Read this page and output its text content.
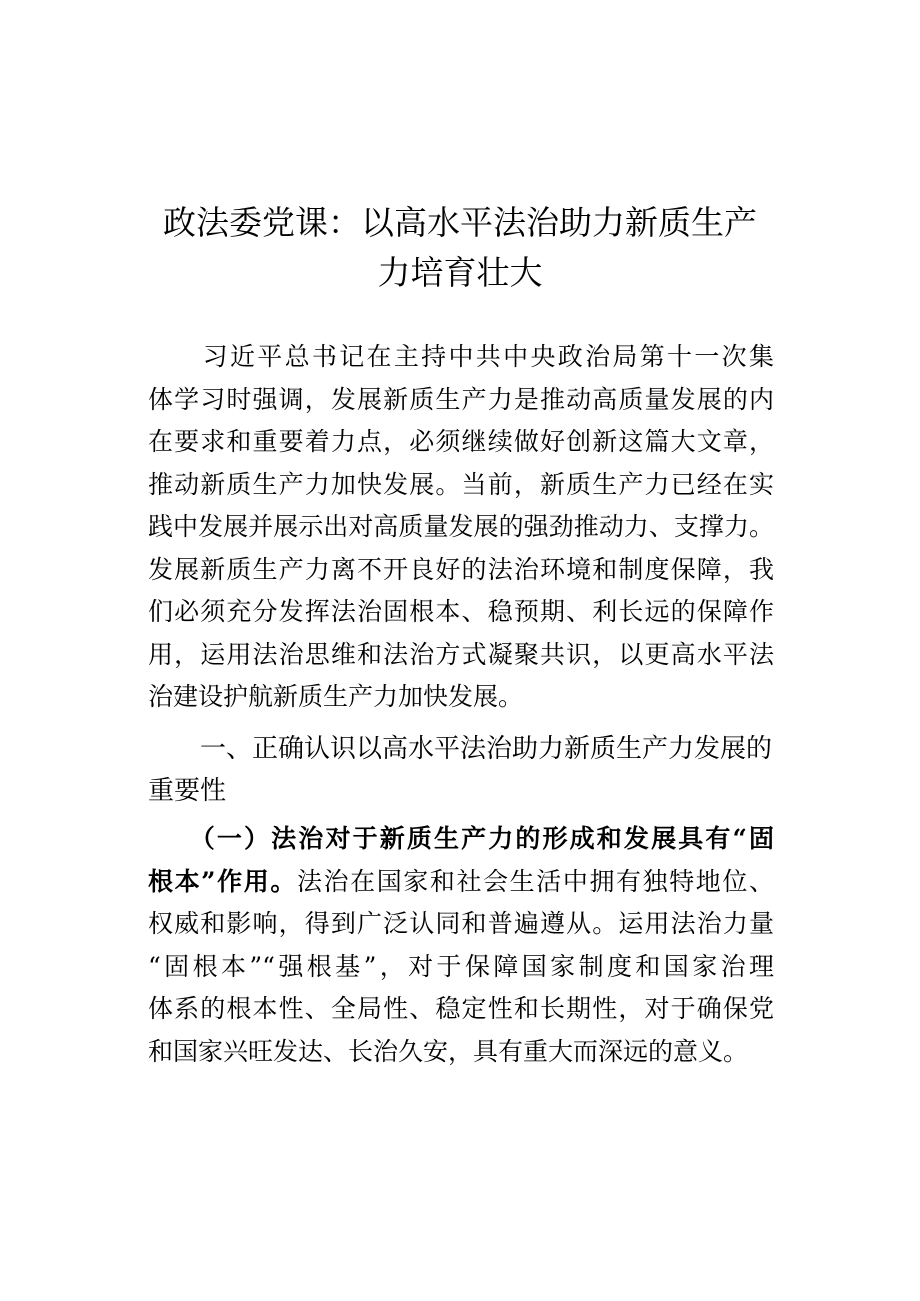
政法委党课：以高水平法治助力新质生产
力培育壮大
　　习近平总书记在主持中共中央政治局第十一次集
体学习时强调，发展新质生产力是推动高质量发展的内
在要求和重要着力点，必须继续做好创新这篇大文章，
推动新质生产力加快发展。当前，新质生产力已经在实
践中发展并展示出对高质量发展的强劲推动力、支撑力。
发展新质生产力离不开良好的法治环境和制度保障，我
们必须充分发挥法治固根本、稳预期、利长远的保障作
用，运用法治思维和法治方式凝聚共识，以更高水平法
治建设护航新质生产力加快发展。
　　一、正确认识以高水平法治助力新质生产力发展的
重要性
　　（一）法治对于新质生产力的形成和发展具有“固
根本”作用。法治在国家和社会生活中拥有独特地位、
权威和影响，得到广泛认同和普遍遵从。运用法治力量
“固根本”“强根基”，对于保障国家制度和国家治理
体系的根本性、全局性、稳定性和长期性，对于确保党
和国家兴旺发达、长治久安，具有重大而深远的意义。
